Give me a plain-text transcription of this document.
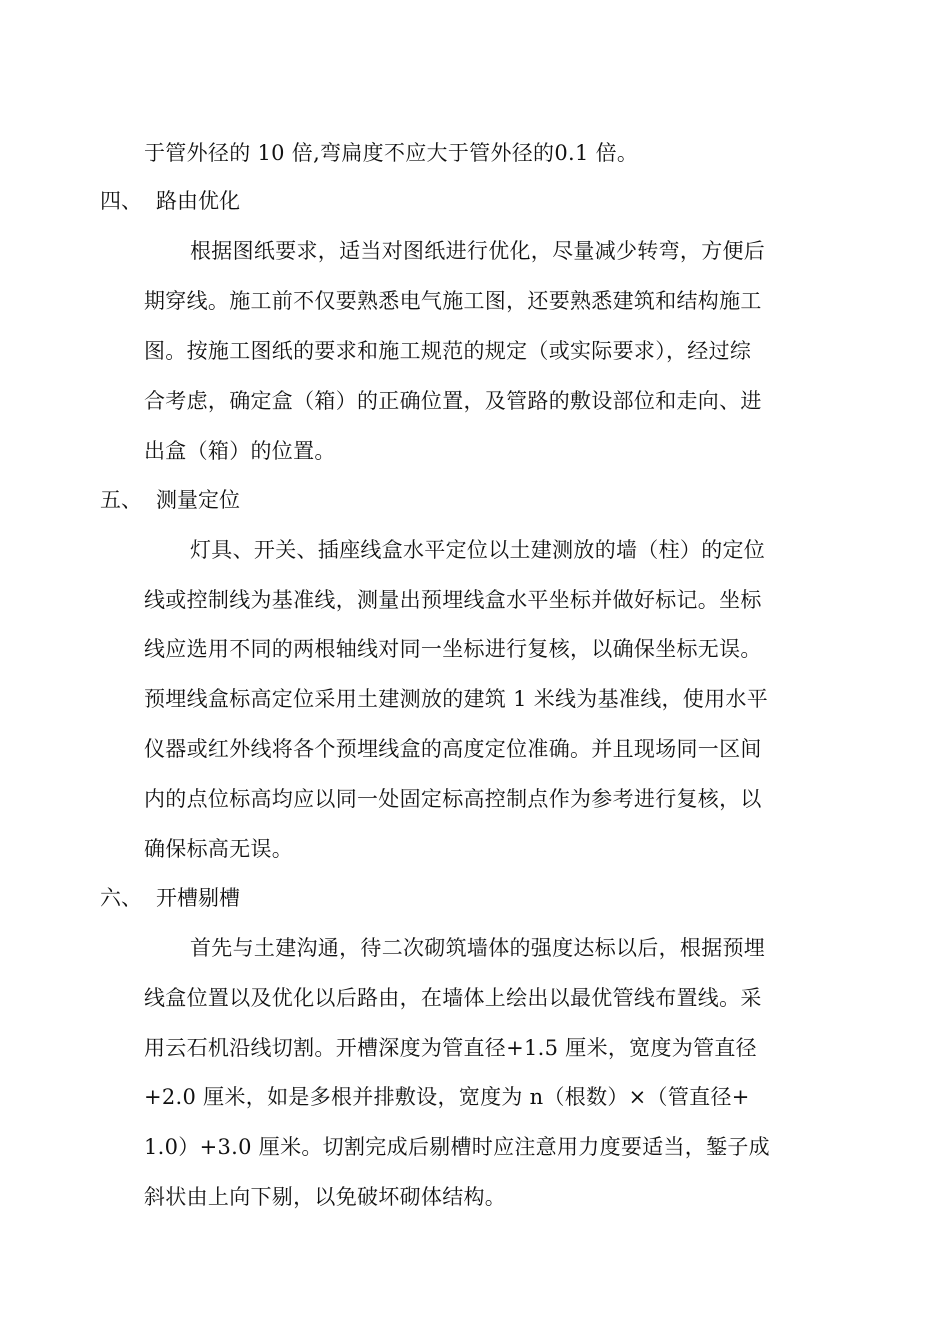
于管外径的 10 倍,弯扁度不应大于管外径的0.1 倍。
四、 路由优化
根据图纸要求，适当对图纸进行优化，尽量减少转弯，方便后
期穿线。施工前不仅要熟悉电气施工图，还要熟悉建筑和结构施工
图。按施工图纸的要求和施工规范的规定（或实际要求），经过综
合考虑，确定盒（箱）的正确位置，及管路的敷设部位和走向、进
出盒（箱）的位置。
五、 测量定位
灯具、开关、插座线盒水平定位以土建测放的墙（柱）的定位
线或控制线为基准线，测量出预埋线盒水平坐标并做好标记。坐标
线应选用不同的两根轴线对同一坐标进行复核，以确保坐标无误。
预埋线盒标高定位采用土建测放的建筑 1 米线为基准线，使用水平
仪器或红外线将各个预埋线盒的高度定位准确。并且现场同一区间
内的点位标高均应以同一处固定标高控制点作为参考进行复核，以
确保标高无误。
六、 开槽剔槽
首先与土建沟通，待二次砌筑墙体的强度达标以后，根据预埋
线盒位置以及优化以后路由，在墙体上绘出以最优管线布置线。采
用云石机沿线切割。开槽深度为管直径+1.5 厘米，宽度为管直径
+2.0 厘米，如是多根并排敷设，宽度为 n（根数）×（管直径+
1.0）+3.0 厘米。切割完成后剔槽时应注意用力度要适当，錾子成
斜状由上向下剔，以免破坏砌体结构。
